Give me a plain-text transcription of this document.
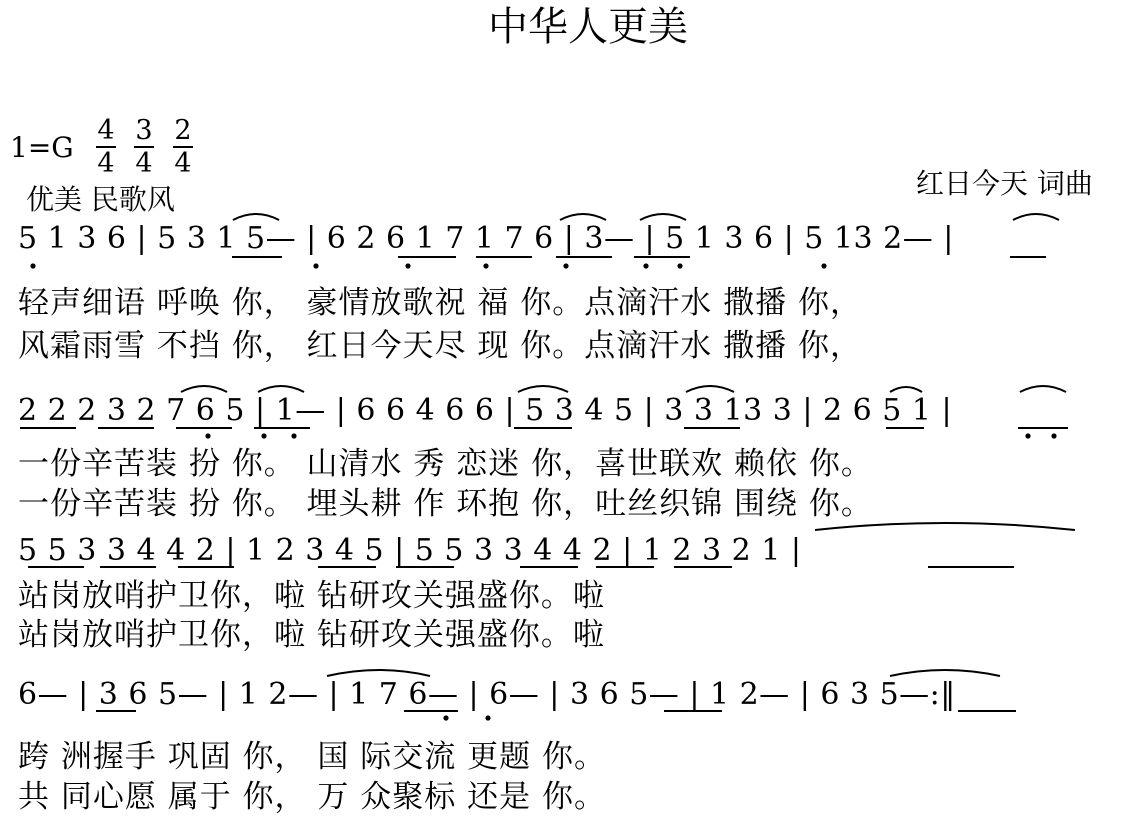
中华人更美
1=G
4
4
3
4
2
4
优美 民歌风	红日今天 词曲
5 1 3 6 | 5 3 1 5— | 6 2 6 1 7 1 7 6 | 3— | 5 1 3 6 | 5 13 2— |
轻声细语 呼唤 你， 豪情放歌祝 福 你。点滴汗水 撒播 你，
风霜雨雪 不挡 你， 红日今天尽 现 你。点滴汗水 撒播 你，
2 2 2 3 2 7 6 5 | 1— | 6 6 4 6 6 | 5 3 4 5 | 3 3 13 3 | 2 6 5 1 |
一份辛苦装 扮 你。 山清水 秀 恋迷 你，喜世联欢 赖依 你。
一份辛苦装 扮 你。 埋头耕 作 环抱 你，吐丝织锦 围绕 你。
5 5 3 3 4 4 2 | 1 2 3 4 5 | 5 5 3 3 4 4 2 | 1 2 3 2 1 |
站岗放哨护卫你，啦 钻研攻关强盛你。啦
站岗放哨护卫你，啦 钻研攻关强盛你。啦
6— | 3 6 5— | 1 2— | 1 7 6— | 6— | 3 6 5— | 1 2— | 6 3 5—:‖
跨 洲握手 巩固 你， 国 际交流 更题 你。
共 同心愿 属于 你， 万 众聚标 还是 你。
